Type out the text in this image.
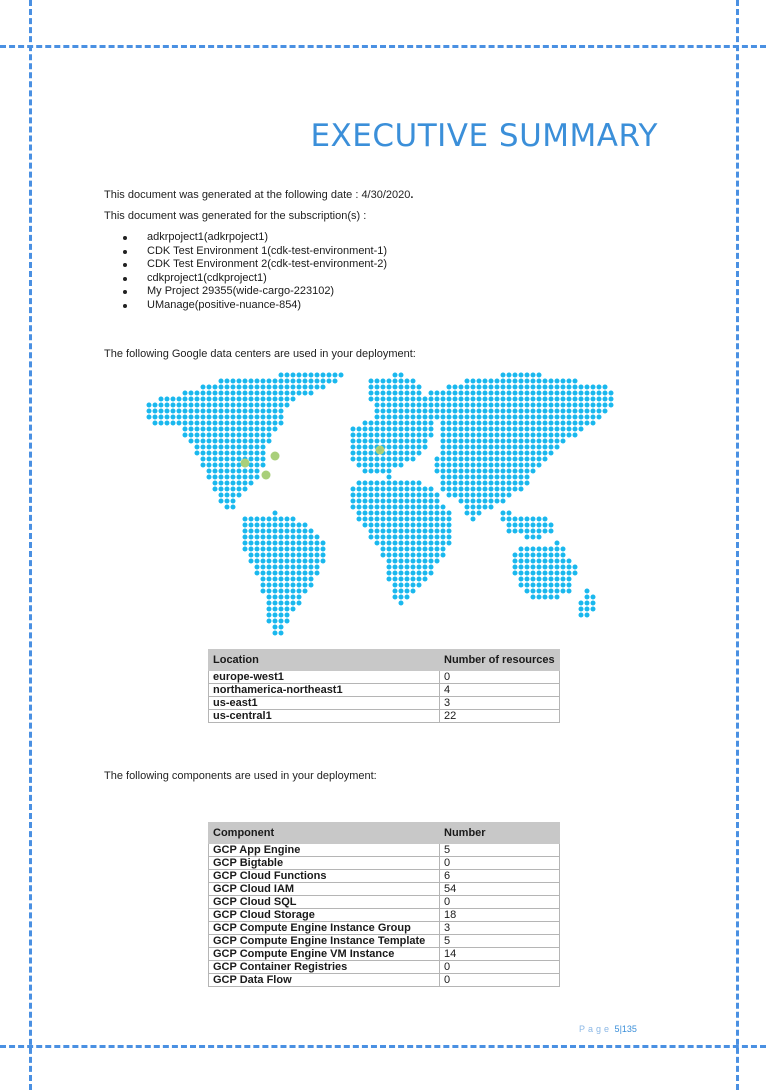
EXECUTIVE SUMMARY
This document was generated at the following date : 4/30/2020.
This document was generated for the subscription(s) :
adkrpoject1(adkrpoject1)
CDK Test Environment 1(cdk-test-environment-1)
CDK Test Environment 2(cdk-test-environment-2)
cdkproject1(cdkproject1)
My Project 29355(wide-cargo-223102)
UManage(positive-nuance-854)
The following Google data centers are used in your deployment:
Location	Number of resources
europe-west1	0
northamerica-northeast1	4
us-east1	3
us-central1	22
The following components are used in your deployment:
Component	Number
GCP App Engine	5
GCP Bigtable	0
GCP Cloud Functions	6
GCP Cloud IAM	54
GCP Cloud SQL	0
GCP Cloud Storage	18
GCP Compute Engine Instance Group	3
GCP Compute Engine Instance Template	5
GCP Compute Engine VM Instance	14
GCP Container Registries	0
GCP Data Flow	0
Page 5|135
